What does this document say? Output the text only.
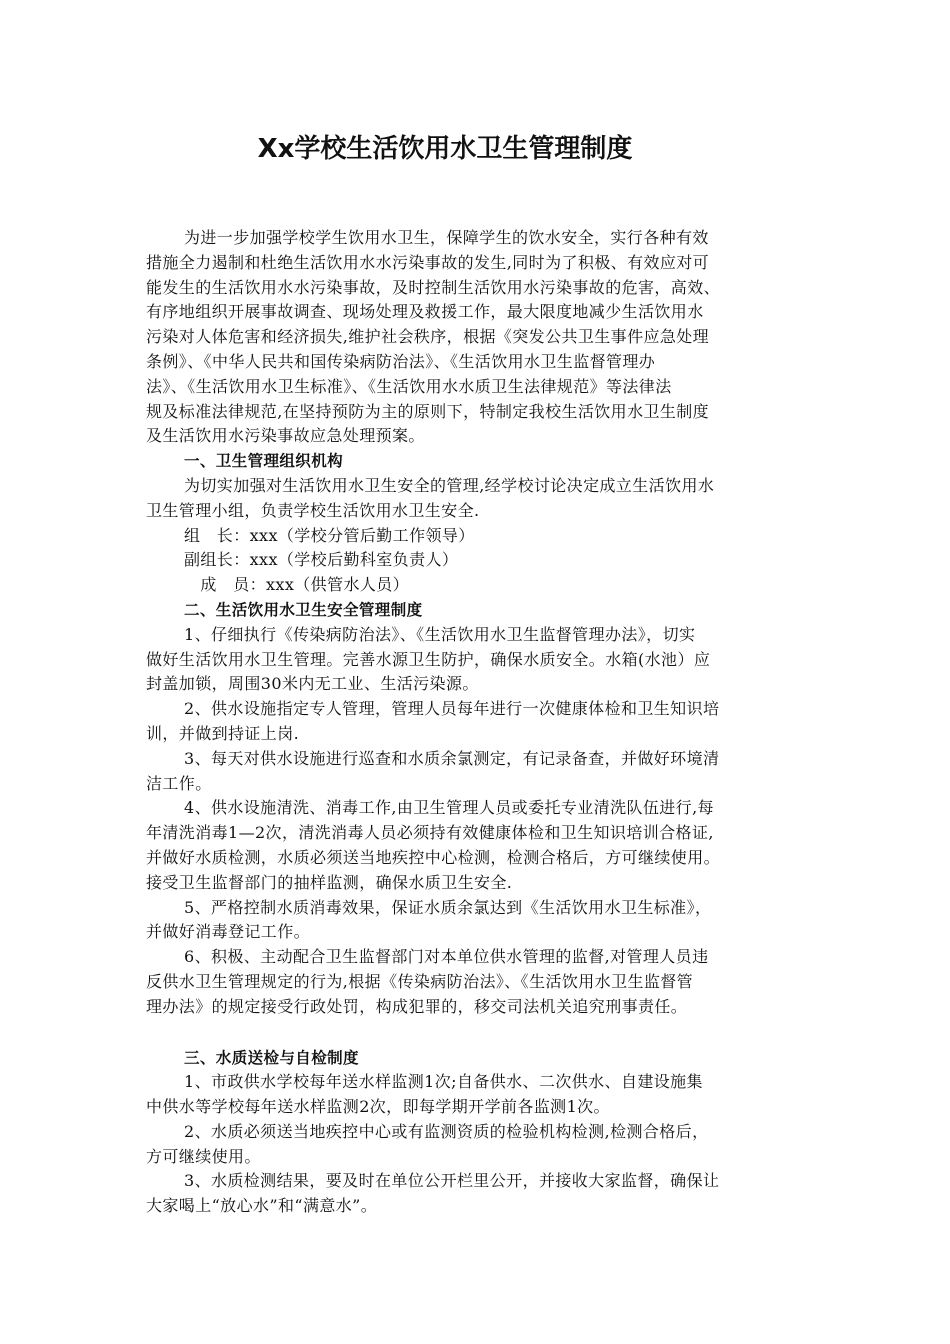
Xx学校生活饮用水卫生管理制度
为进一步加强学校学生饮用水卫生，保障学生的饮水安全，实行各种有效
措施全力遏制和杜绝生活饮用水水污染事故的发生,同时为了积极、有效应对可
能发生的生活饮用水水污染事故，及时控制生活饮用水污染事故的危害，高效、
有序地组织开展事故调查、现场处理及救援工作，最大限度地减少生活饮用水
污染对人体危害和经济损失,维护社会秩序，根据《突发公共卫生事件应急处理
条例》、《中华人民共和国传染病防治法》、《生活饮用水卫生监督管理办
法》、《生活饮用水卫生标准》、《生活饮用水水质卫生法律规范》等法律法
规及标准法律规范,在坚持预防为主的原则下，特制定我校生活饮用水卫生制度
及生活饮用水污染事故应急处理预案。
一、卫生管理组织机构
为切实加强对生活饮用水卫生安全的管理,经学校讨论决定成立生活饮用水
卫生管理小组，负责学校生活饮用水卫生安全.
组　长：xxx（学校分管后勤工作领导）
副组长：xxx（学校后勤科室负责人）
　成　员：xxx（供管水人员）
二、生活饮用水卫生安全管理制度
1、仔细执行《传染病防治法》、《生活饮用水卫生监督管理办法》，切实
做好生活饮用水卫生管理。完善水源卫生防护，确保水质安全。水箱(水池）应
封盖加锁，周围30米内无工业、生活污染源。
2、供水设施指定专人管理，管理人员每年进行一次健康体检和卫生知识培
训，并做到持证上岗.
3、每天对供水设施进行巡查和水质余氯测定，有记录备查，并做好环境清
洁工作。
4、供水设施清洗、消毒工作,由卫生管理人员或委托专业清洗队伍进行,每
年清洗消毒1—2次，清洗消毒人员必须持有效健康体检和卫生知识培训合格证,
并做好水质检测，水质必须送当地疾控中心检测，检测合格后，方可继续使用。
接受卫生监督部门的抽样监测，确保水质卫生安全.
5、严格控制水质消毒效果，保证水质余氯达到《生活饮用水卫生标准》，
并做好消毒登记工作。
6、积极、主动配合卫生监督部门对本单位供水管理的监督,对管理人员违
反供水卫生管理规定的行为,根据《传染病防治法》、《生活饮用水卫生监督管
理办法》的规定接受行政处罚，构成犯罪的，移交司法机关追究刑事责任。
三、水质送检与自检制度
1、市政供水学校每年送水样监测1次;自备供水、二次供水、自建设施集
中供水等学校每年送水样监测2次，即每学期开学前各监测1次。
2、水质必须送当地疾控中心或有监测资质的检验机构检测,检测合格后，
方可继续使用。
3、水质检测结果，要及时在单位公开栏里公开，并接收大家监督，确保让
大家喝上“放心水”和“满意水”。
